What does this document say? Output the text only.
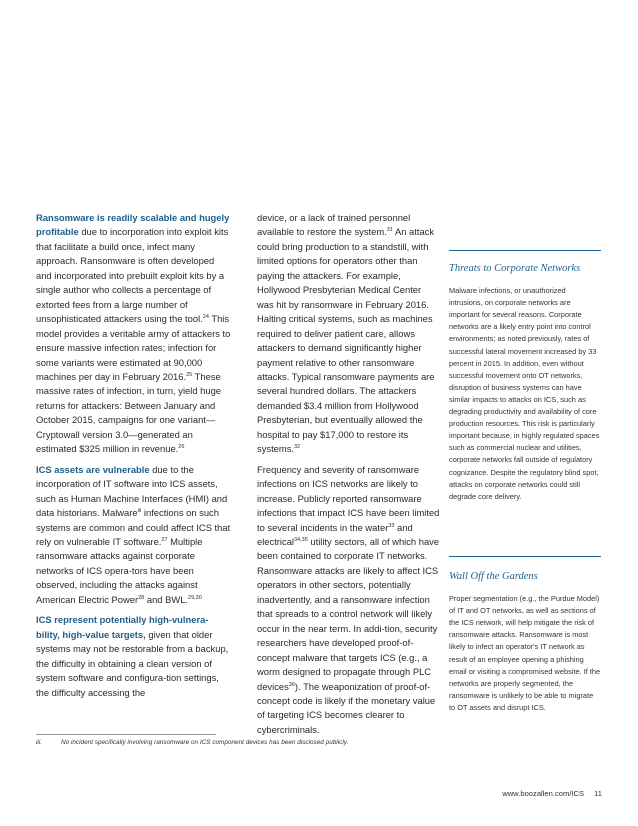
Ransomware is readily scalable and hugely profitable due to incorporation into exploit kits that facilitate a build once, infect many approach. Ransomware is often developed and incorporated into prebuilt exploit kits by a single author who collects a percentage of extorted fees from a large number of unsophisticated attackers using the tool.$^{24}$ This model provides a veritable army of attackers to ensure massive infection rates; infection for some variants were estimated at 90,000 machines per day in February 2016.25 These massive rates of infection, in turn, yield huge returns for attackers: Between January and October 2015, campaigns for one variant—Cryptowall version 3.0—generated an estimated $325 million in revenue.$^{26}$

ICS assets are vulnerable due to the incorporation of IT software into ICS assets, such as Human Machine Interfaces (HMI) and data historians. Malware$^{iii}$ infections on such systems are common and could affect ICS that rely on vulnerable IT software.$^{27}$ Multiple ransomware attacks against corporate networks of ICS opera-tors have been observed, including the attacks against American Electric Power$^{28}$ and BWL.$^{29,30}$

ICS represent potentially high-vulnera-bility, high-value targets, given that older systems may not be restorable from a backup, the difficulty in obtaining a clean version of system software and configura-tion settings, the difficulty accessing the

device, or a lack of trained personnel available to restore the system.$^{31}$ An attack could bring production to a standstill, with limited options for operators other than paying the attackers. For example, Hollywood Presbyterian Medical Center was hit by ransomware in February 2016. Halting critical systems, such as machines required to deliver patient care, allows attackers to demand significantly higher payment relative to other ransomware attacks. Typical ransomware payments are several hundred dollars. The attackers demanded $3.4 million from Hollywood Presbyterian, but eventually allowed the hospital to pay $17,000 to restore its systems.$^{32}$

Frequency and severity of ransomware infections on ICS networks are likely to increase. Publicly reported ransomware infections that impact ICS have been limited to several incidents in the water$^{33}$ and electrical$^{34,35}$ utility sectors, all of which have been contained to corporate IT networks. Ransomware attacks are likely to affect ICS operators in other sectors, potentially inadvertently, and a ransomware infection that spreads to a control network will likely occur in the near term. In addi-tion, security researchers have developed proof-of-concept malware that targets ICS (e.g., a worm designed to propagate through PLC devices$^{36}$). The weaponization of proof-of-concept code is likely if the monetary value of targeting ICS becomes clearer to cybercriminals.

Threats to Corporate Networks

Malware infections, or unauthorized intrusions, on corporate networks are important for several reasons. Corporate networks are a likely entry point into control environments; as noted previously, rates of successful lateral movement increased by 33 percent in 2015. In addition, even without successful movement onto OT networks, disruption of business systems can have similar impacts to attacks on ICS, such as degrading productivity and availability of core production resources. This risk is particularly important because, in highly regulated spaces such as commercial nuclear and utilities, corporate networks fall outside of regulatory cognizance. Despite the regulatory blind spot, attacks on corporate networks could still degrade core delivery.

Wall Off the Gardens

Proper segmentation (e.g., the Purdue Model) of IT and OT networks, as well as sections of the ICS network, will help mitigate the risk of ransomware attacks. Ransomware is most likely to infect an operator's IT network as result of an employee opening a phishing email or visiting a compromised website. If the networks are properly segmented, the ransomware is unlikely to be able to migrate to OT assets and disrupt ICS.

iii.	No incident specifically involving ransomware on ICS component devices has been disclosed publicly.
www.boozallen.com/ICS 11
